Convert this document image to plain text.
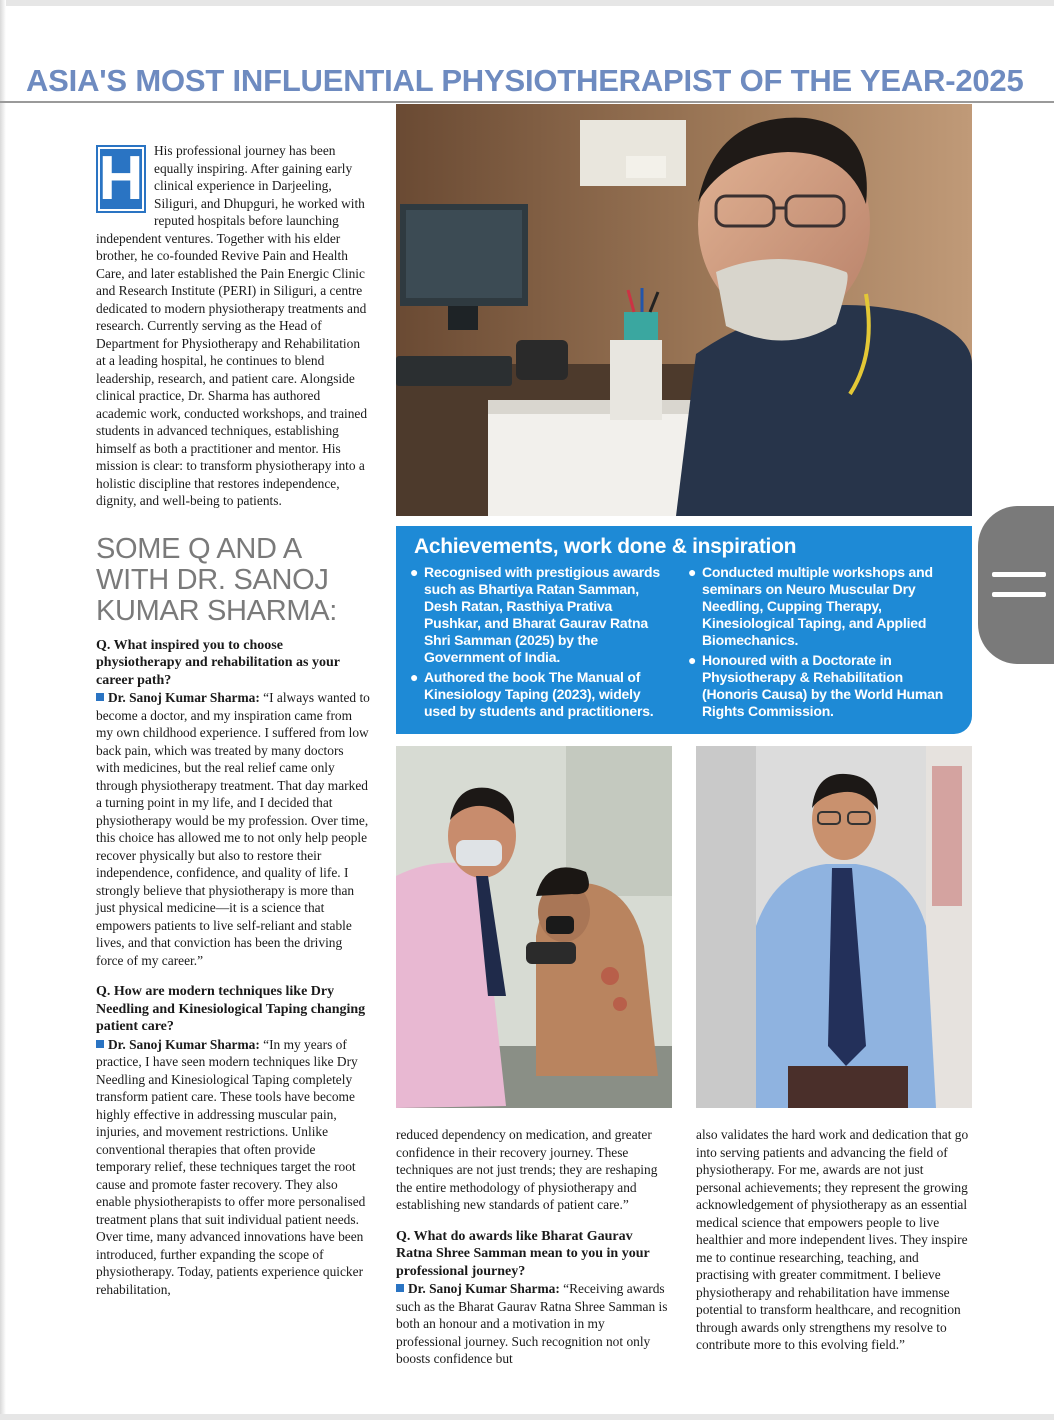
ASIA'S MOST INFLUENTIAL PHYSIOTHERAPIST OF THE YEAR-2025

H His professional journey has been equally inspiring. After gaining early clinical experience in Darjeeling, Siliguri, and Dhupguri, he worked with reputed hospitals before launching independent ventures. Together with his elder brother, he co-founded Revive Pain and Health Care, and later established the Pain Energic Clinic and Research Institute (PERI) in Siliguri, a centre dedicated to modern physiotherapy treatments and research. Currently serving as the Head of Department for Physiotherapy and Rehabilitation at a leading hospital, he continues to blend leadership, research, and patient care. Alongside clinical practice, Dr. Sharma has authored academic work, conducted workshops, and trained students in advanced techniques, establishing himself as both a practitioner and mentor. His mission is clear: to transform physiotherapy into a holistic discipline that restores independence, dignity, and well-being to patients.

SOME Q AND A WITH DR. SANOJ KUMAR SHARMA:

Q. What inspired you to choose physiotherapy and rehabilitation as your career path?

Dr. Sanoj Kumar Sharma: “I always wanted to become a doctor, and my inspiration came from my own childhood experience. I suffered from low back pain, which was treated by many doctors with medicines, but the real relief came only through physiotherapy treatment. That day marked a turning point in my life, and I decided that physiotherapy would be my profession. Over time, this choice has allowed me to not only help people recover physically but also to restore their independence, confidence, and quality of life. I strongly believe that physiotherapy is more than just physical medicine—it is a science that empowers patients to live self-reliant and stable lives, and that conviction has been the driving force of my career.”

Q. How are modern techniques like Dry Needling and Kinesiological Taping changing patient care?

Dr. Sanoj Kumar Sharma: “In my years of practice, I have seen modern techniques like Dry Needling and Kinesiological Taping completely transform patient care. These tools have become highly effective in addressing muscular pain, injuries, and movement restrictions. Unlike conventional therapies that often provide temporary relief, these techniques target the root cause and promote faster recovery. They also enable physiotherapists to offer more personalised treatment plans that suit individual patient needs. Over time, many advanced innovations have been introduced, further expanding the scope of physiotherapy. Today, patients experience quicker rehabilitation,

Achievements, work done & inspiration

● Recognised with prestigious awards such as Bhartiya Ratan Samman, Desh Ratan, Rasthiya Prativa Pushkar, and Bharat Gaurav Ratna Shri Samman (2025) by the Government of India.

● Authored the book The Manual of Kinesiology Taping (2023), widely used by students and practitioners.

● Conducted multiple workshops and seminars on Neuro Muscular Dry Needling, Cupping Therapy, Kinesiological Taping, and Applied Biomechanics.

● Honoured with a Doctorate in Physiotherapy & Rehabilitation (Honoris Causa) by the World Human Rights Commission.

reduced dependency on medication, and greater confidence in their recovery journey. These techniques are not just trends; they are reshaping the entire methodology of physiotherapy and establishing new standards of patient care.”

Q. What do awards like Bharat Gaurav Ratna Shree Samman mean to you in your professional journey?

Dr. Sanoj Kumar Sharma: “Receiving awards such as the Bharat Gaurav Ratna Shree Samman is both an honour and a motivation in my professional journey. Such recognition not only boosts confidence but

also validates the hard work and dedication that go into serving patients and advancing the field of physiotherapy. For me, awards are not just personal achievements; they represent the growing acknowledgement of physiotherapy as an essential medical science that empowers people to live healthier and more independent lives. They inspire me to continue researching, teaching, and practising with greater commitment. I believe physiotherapy and rehabilitation have immense potential to transform healthcare, and recognition through awards only strengthens my resolve to contribute more to this evolving field.”
